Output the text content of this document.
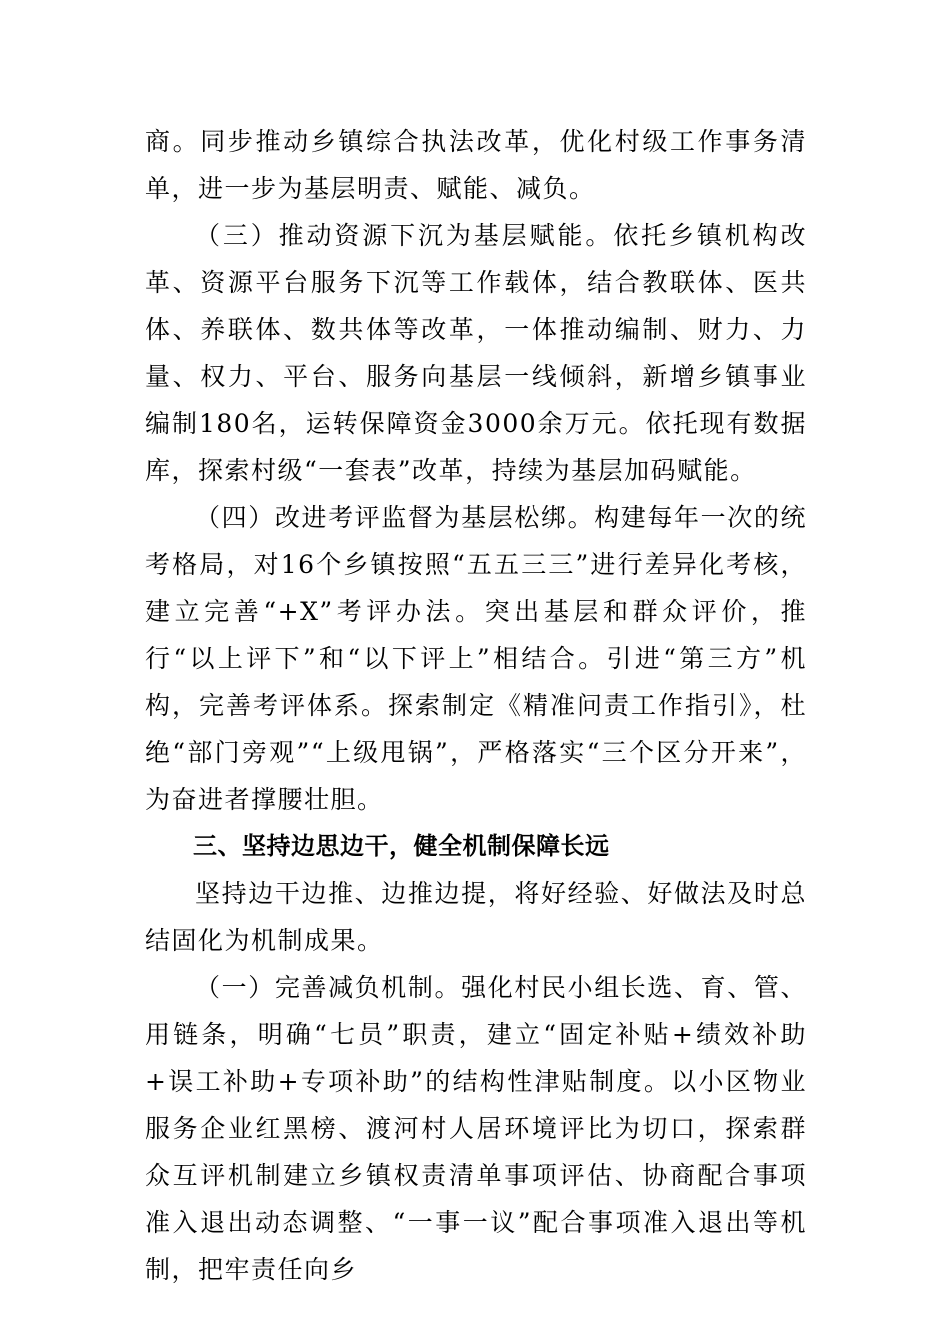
商。同步推动乡镇综合执法改革，优化村级工作事务清单，进一步为基层明责、赋能、减负。

（三）推动资源下沉为基层赋能。依托乡镇机构改革、资源平台服务下沉等工作载体，结合教联体、医共体、养联体、数共体等改革，一体推动编制、财力、力量、权力、平台、服务向基层一线倾斜，新增乡镇事业编制180名，运转保障资金3000余万元。依托现有数据库，探索村级“一套表”改革，持续为基层加码赋能。

（四）改进考评监督为基层松绑。构建每年一次的统考格局，对16个乡镇按照“五五三三”进行差异化考核，建立完善“+X”考评办法。突出基层和群众评价，推行“以上评下”和“以下评上”相结合。引进“第三方”机构，完善考评体系。探索制定《精准问责工作指引》，杜绝“部门旁观”“上级甩锅”，严格落实“三个区分开来”，为奋进者撑腰壮胆。

三、坚持边思边干，健全机制保障长远

坚持边干边推、边推边提，将好经验、好做法及时总结固化为机制成果。

（一）完善减负机制。强化村民小组长选、育、管、用链条，明确“七员”职责，建立“固定补贴+绩效补助+误工补助+专项补助”的结构性津贴制度。以小区物业服务企业红黑榜、渡河村人居环境评比为切口，探索群众互评机制建立乡镇权责清单事项评估、协商配合事项准入退出动态调整、“一事一议”配合事项准入退出等机制，把牢责任向乡
